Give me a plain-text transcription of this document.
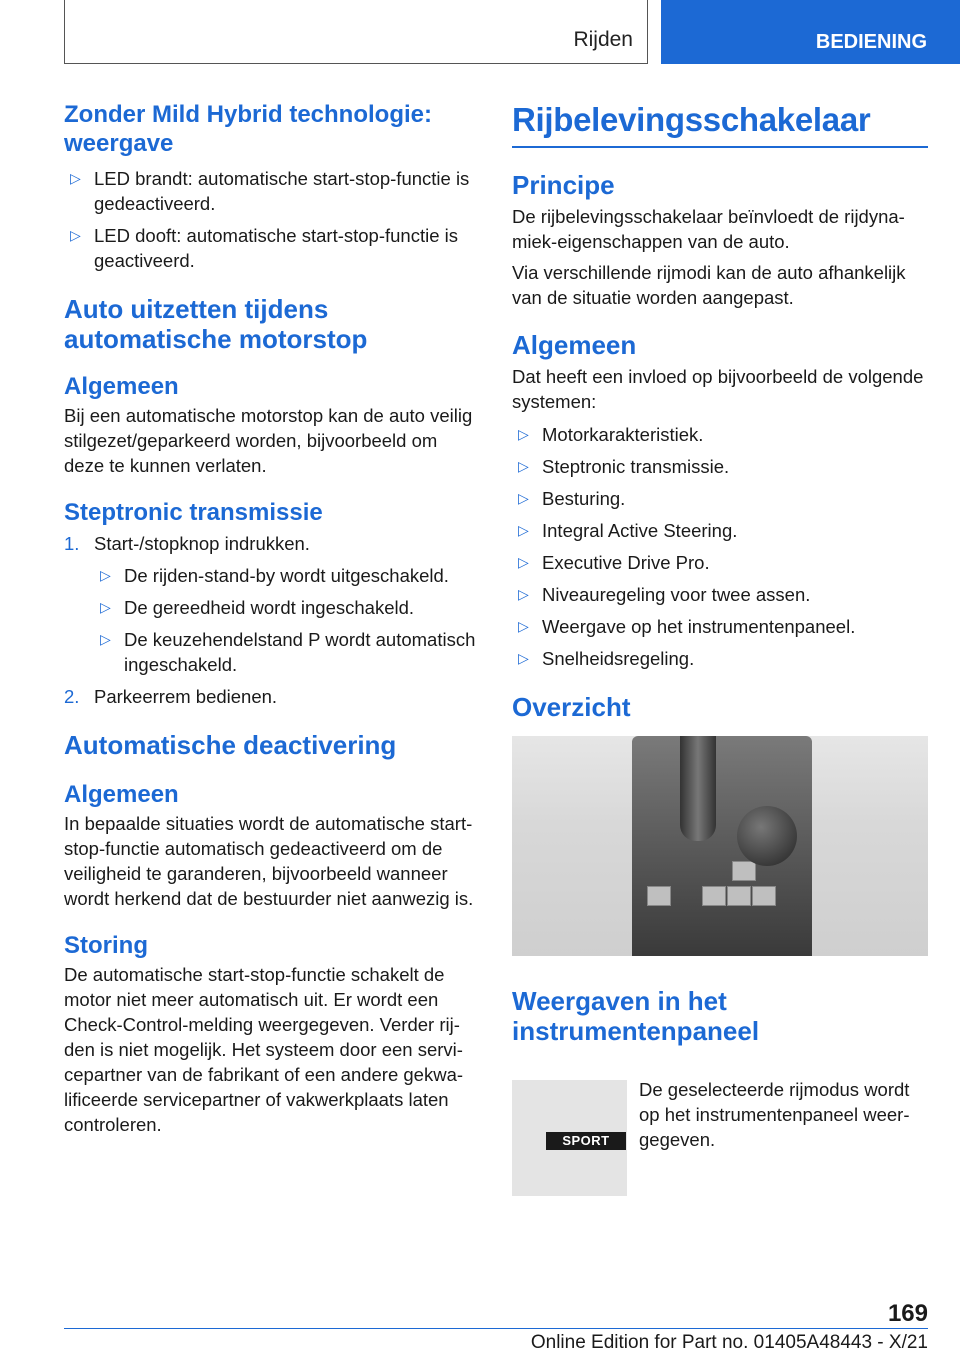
Rijden	BEDIENING
Zonder Mild Hybrid technologie: weergave
▷ LED brandt: automatische start-stop-functie is gedeactiveerd.
▷ LED dooft: automatische start-stop-functie is geactiveerd.
Auto uitzetten tijdens automatische motorstop
Algemeen

Bij een automatische motorstop kan de auto veilig stilgezet/geparkeerd worden, bijvoorbeeld om deze te kunnen verlaten.

Steptronic transmissie
1. Start-/stopknop indrukken.
▷ De rijden-stand-by wordt uitgeschakeld.
▷ De gereedheid wordt ingeschakeld.
▷ De keuzehendelstand P wordt automatisch ingeschakeld.
2. Parkeerrem bedienen.
Automatische deactivering
Algemeen

In bepaalde situaties wordt de automatische start-stop-functie automatisch gedeactiveerd om de veiligheid te garanderen, bijvoorbeeld wanneer wordt herkend dat de bestuurder niet aanwezig is.

Storing

De automatische start-stop-functie schakelt de motor niet meer automatisch uit. Er wordt een Check-Control-melding weergegeven. Verder rijden is niet mogelijk. Het systeem door een servicepartner van de fabrikant of een andere gekwalificeerde servicepartner of vakwerkplaats laten controleren.

Rijbelevingsschakelaar
Principe

De rijbelevingsschakelaar beïnvloedt de rijdynamiek-eigenschappen van de auto.

Via verschillende rijmodi kan de auto afhankelijk van de situatie worden aangepast.

Algemeen

Dat heeft een invloed op bijvoorbeeld de volgende systemen:

▷ Motorkarakteristiek.
▷ Steptronic transmissie.
▷ Besturing.
▷ Integral Active Steering.
▷ Executive Drive Pro.
▷ Niveauregeling voor twee assen.
▷ Weergave op het instrumentenpaneel.
▷ Snelheidsregeling.
Overzicht
Weergaven in het instrumentenpaneel
SPORT

De geselecteerde rijmodus wordt op het instrumentenpaneel weergegeven.

169
Online Edition for Part no. 01405A48443 - X/21
